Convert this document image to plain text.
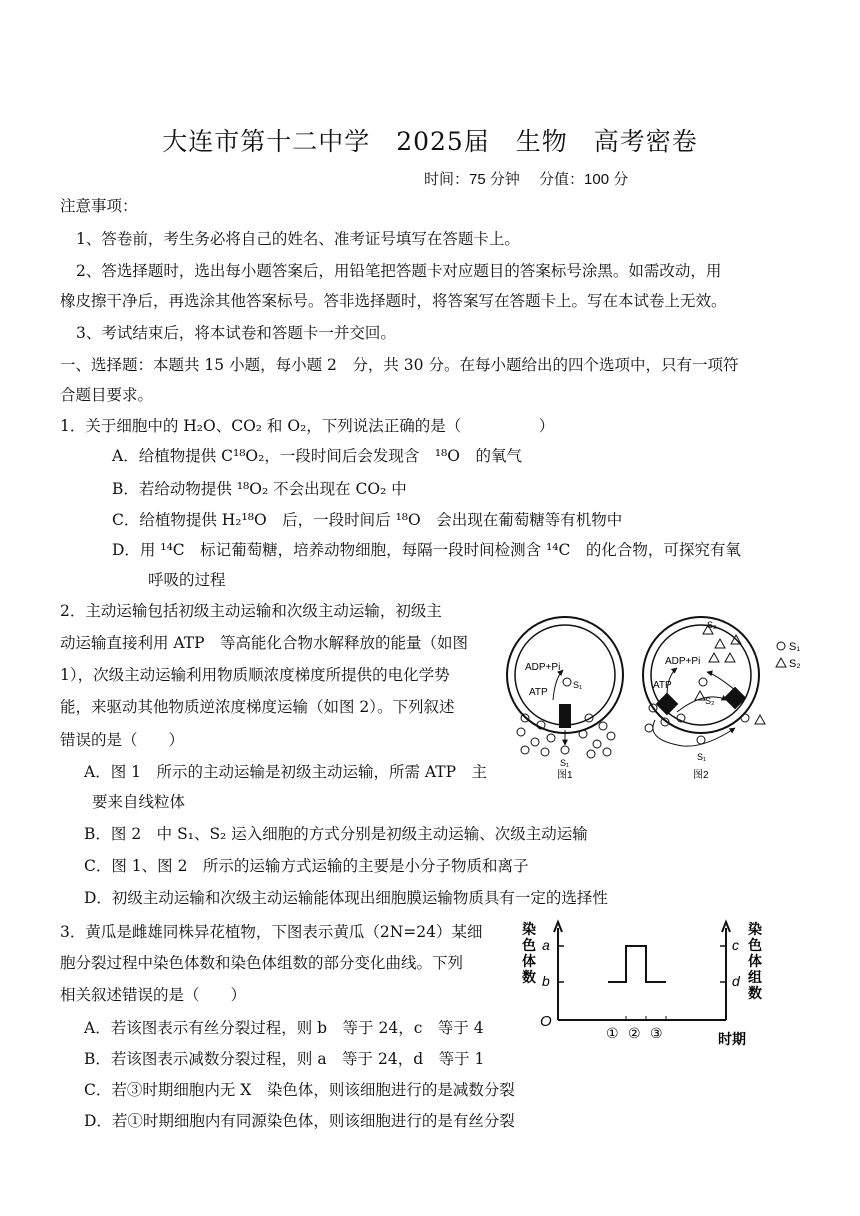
大连市第十二中学　2025届　生物　高考密卷
时间：75 分钟　 分值：100 分
注意事项：
1、答卷前，考生务必将自己的姓名、准考证号填写在答题卡上。
2、答选择题时，选出每小题答案后，用铅笔把答题卡对应题目的答案标号涂黑。如需改动，用
橡皮擦干净后，再选涂其他答案标号。答非选择题时，将答案写在答题卡上。写在本试卷上无效。
3、考试结束后，将本试卷和答题卡一并交回。
一、选择题：本题共 15 小题，每小题 2　分，共 30 分。在每小题给出的四个选项中，只有一项符
合题目要求。
1．关于细胞中的 H₂O、CO₂ 和 O₂，下列说法正确的是（　　　　　）
A．给植物提供 C¹⁸O₂，一段时间后会发现含　¹⁸O　的氧气
B．若给动物提供 ¹⁸O₂ 不会出现在 CO₂ 中
C．给植物提供 H₂¹⁸O　后，一段时间后 ¹⁸O　会出现在葡萄糖等有机物中
D．用 ¹⁴C　标记葡萄糖，培养动物细胞，每隔一段时间检测含 ¹⁴C　的化合物，可探究有氧
呼吸的过程
2．主动运输包括初级主动运输和次级主动运输，初级主
动运输直接利用 ATP　等高能化合物水解释放的能量（如图
1），次级主动运输利用物质顺浓度梯度所提供的电化学势
能，来驱动其他物质逆浓度梯度运输（如图 2）。下列叙述
错误的是（　　）
A．图 1　所示的主动运输是初级主动运输，所需 ATP　主
要来自线粒体
B．图 2　中 S₁、S₂ 运入细胞的方式分别是初级主动运输、次级主动运输
C．图 1、图 2　所示的运输方式运输的主要是小分子物质和离子
D．初级主动运输和次级主动运输能体现出细胞膜运输物质具有一定的选择性
ADP+Pi
ATP
S₁
S₁
图1
ADP+Pi
ATP
S₂
S₂
S₁
图2
S₁
S₂
3．黄瓜是雌雄同株异花植物，下图表示黄瓜（2N=24）某细
胞分裂过程中染色体数和染色体组数的部分变化曲线。下列
相关叙述错误的是（　　）
A．若该图表示有丝分裂过程，则 b　等于 24，c　等于 4
B．若该图表示减数分裂过程，则 a　等于 24，d　等于 1
C．若③时期细胞内无 X　染色体，则该细胞进行的是减数分裂
D．若①时期细胞内有同源染色体，则该细胞进行的是有丝分裂
染
色
体
数
染
色
体
组
数
a
b
c
d
O
① ② ③	时期
